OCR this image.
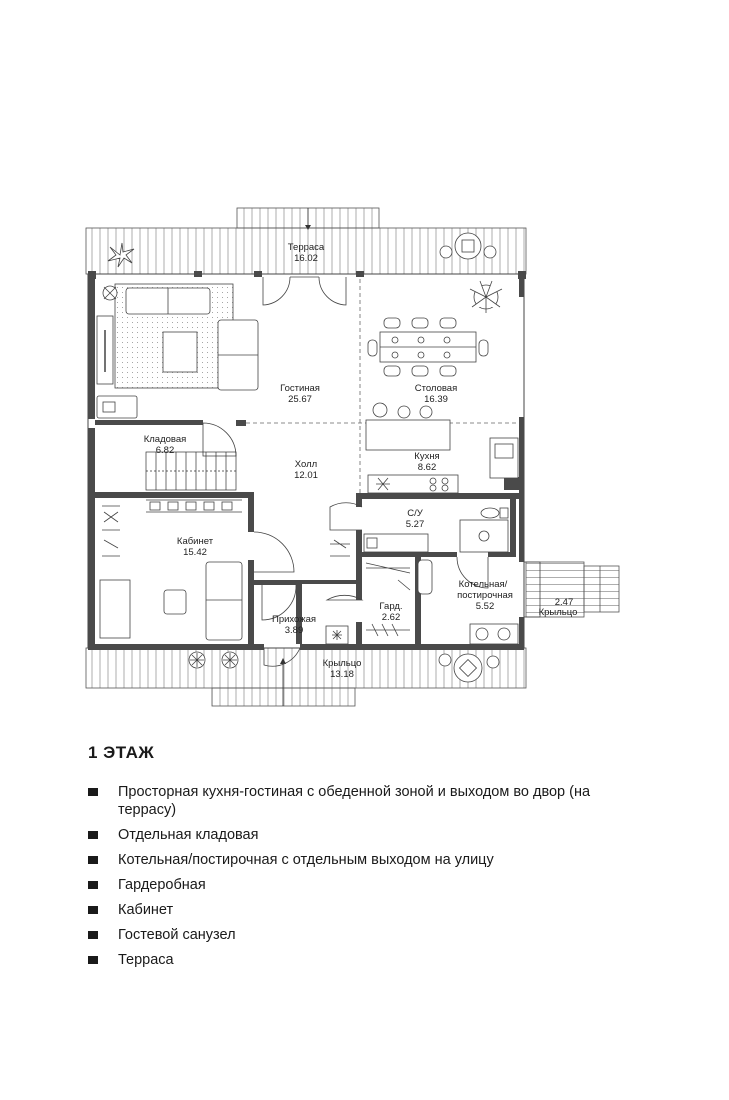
Терраса
16.02
Гостиная
25.67
Столовая
16.39
Кладовая
6.82
Холл
12.01
Кухня
8.62
С/У
5.27
Кабинет
15.42
Котельная/
постирочная
5.52	2.47
Крыльцо
Гард.
2.62
Прихожая
3.89
Крыльцо
13.18
1 ЭТАЖ
Просторная кухня-гостиная с обеденной зоной и выходом во двор (на террасу)
Отдельная кладовая
Котельная/постирочная с отдельным выходом на улицу
Гардеробная
Кабинет
Гостевой санузел
Терраса
